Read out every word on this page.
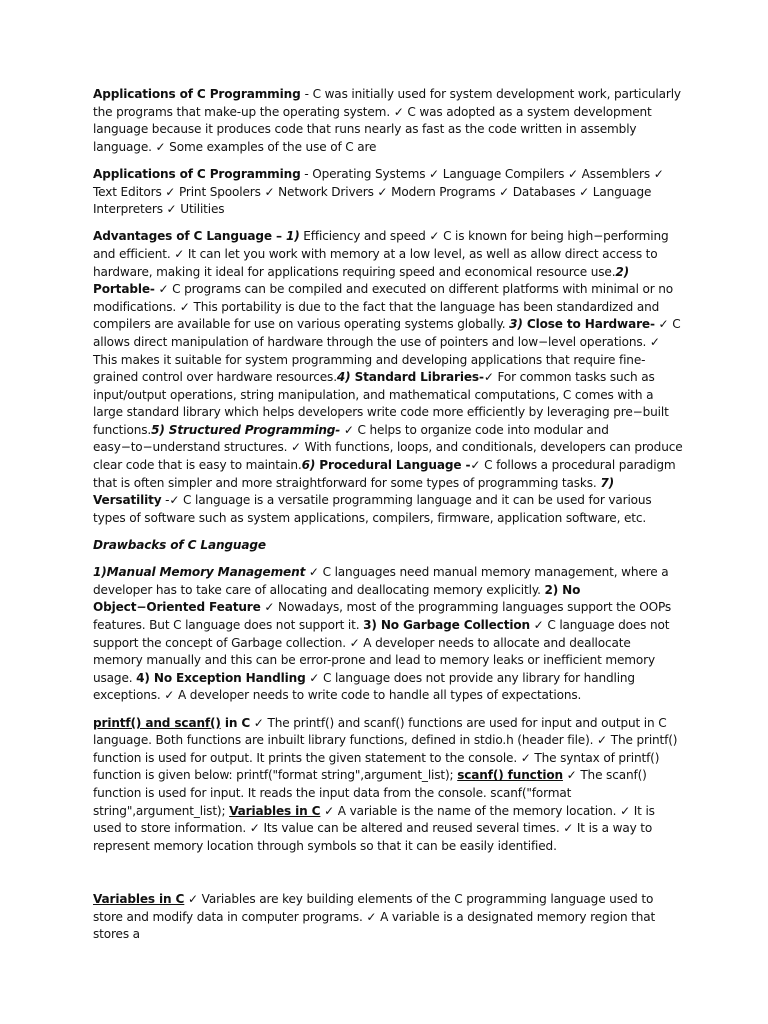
Applications of C Programming - C was initially used for system development work, particularly the programs that make-up the operating system. ✓ C was adopted as a system development language because it produces code that runs nearly as fast as the code written in assembly language. ✓ Some examples of the use of C are

Applications of C Programming - Operating Systems ✓ Language Compilers ✓ Assemblers ✓ Text Editors ✓ Print Spoolers ✓ Network Drivers ✓ Modern Programs ✓ Databases ✓ Language Interpreters ✓ Utilities

Advantages of C Language – 1) Efficiency and speed ✓ C is known for being high−performing and efficient. ✓ It can let you work with memory at a low level, as well as allow direct access to hardware, making it ideal for applications requiring speed and economical resource use.2) Portable- ✓ C programs can be compiled and executed on different platforms with minimal or no modifications. ✓ This portability is due to the fact that the language has been standardized and compilers are available for use on various operating systems globally. 3) Close to Hardware- ✓ C allows direct manipulation of hardware through the use of pointers and low−level operations. ✓ This makes it suitable for system programming and developing applications that require fine-grained control over hardware resources.4) Standard Libraries-✓ For common tasks such as input/output operations, string manipulation, and mathematical computations, C comes with a large standard library which helps developers write code more efficiently by leveraging pre−built functions.5) Structured Programming- ✓ C helps to organize code into modular and easy−to−understand structures. ✓ With functions, loops, and conditionals, developers can produce clear code that is easy to maintain.6) Procedural Language -✓ C follows a procedural paradigm that is often simpler and more straightforward for some types of programming tasks. 7) Versatility -✓ C language is a versatile programming language and it can be used for various types of software such as system applications, compilers, firmware, application software, etc.

Drawbacks of C Language

1)Manual Memory Management ✓ C languages need manual memory management, where a developer has to take care of allocating and deallocating memory explicitly. 2) No Object−Oriented Feature ✓ Nowadays, most of the programming languages support the OOPs features. But C language does not support it. 3) No Garbage Collection ✓ C language does not support the concept of Garbage collection. ✓ A developer needs to allocate and deallocate memory manually and this can be error-prone and lead to memory leaks or inefficient memory usage. 4) No Exception Handling ✓ C language does not provide any library for handling exceptions. ✓ A developer needs to write code to handle all types of expectations.

printf() and scanf() in C ✓ The printf() and scanf() functions are used for input and output in C language. Both functions are inbuilt library functions, defined in stdio.h (header file). ✓ The printf() function is used for output. It prints the given statement to the console. ✓ The syntax of printf() function is given below: printf("format string",argument_list); scanf() function ✓ The scanf() function is used for input. It reads the input data from the console. scanf("format string",argument_list); Variables in C ✓ A variable is the name of the memory location. ✓ It is used to store information. ✓ Its value can be altered and reused several times. ✓ It is a way to represent memory location through symbols so that it can be easily identified.

Variables in C ✓ Variables are key building elements of the C programming language used to store and modify data in computer programs. ✓ A variable is a designated memory region that stores a
